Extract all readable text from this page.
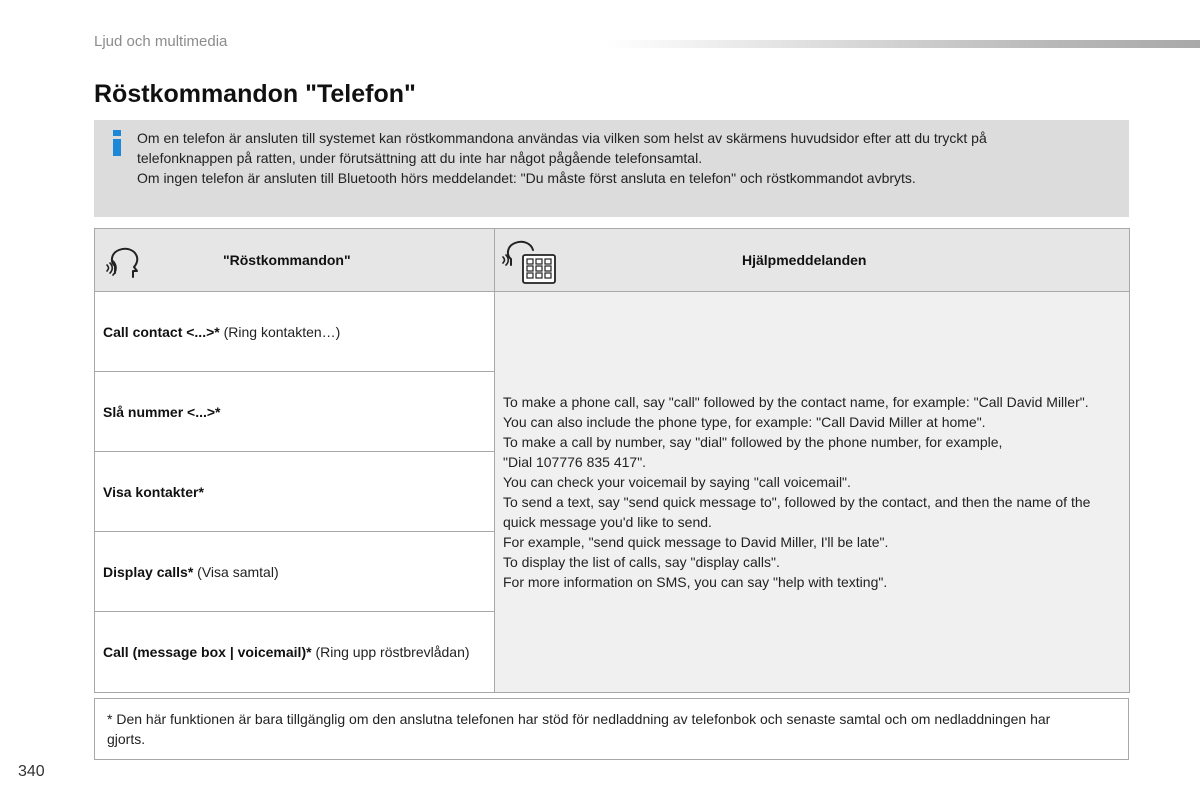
Ljud och multimedia
Röstkommandon "Telefon"

Om en telefon är ansluten till systemet kan röstkommandona användas via vilken som helst av skärmens huvudsidor efter att du tryckt på

telefonknappen på ratten, under förutsättning att du inte har något pågående telefonsamtal.

Om ingen telefon är ansluten till Bluetooth hörs meddelandet: "Du måste först ansluta en telefon" och röstkommandot avbryts.

"Röstkommandon"	Hjälpmeddelanden
Call contact <...>* (Ring kontakten…)
Slå nummer <...>*
Visa kontakter*
Display calls* (Visa samtal)
Call (message box | voicemail)* (Ring upp röstbrevlådan)
To make a phone call, say "call" followed by the contact name, for example: "Call David Miller".
You can also include the phone type, for example: "Call David Miller at home".
To make a call by number, say "dial" followed by the phone number, for example,
"Dial 107776 835 417".
You can check your voicemail by saying "call voicemail".
To send a text, say "send quick message to", followed by the contact, and then the name of the quick message you'd like to send.
For example, "send quick message to David Miller, I'll be late".
To display the list of calls, say "display calls".
For more information on SMS, you can say "help with texting".
* Den här funktionen är bara tillgänglig om den anslutna telefonen har stöd för nedladdning av telefonbok och senaste samtal och om nedladdningen har gjorts.
340
